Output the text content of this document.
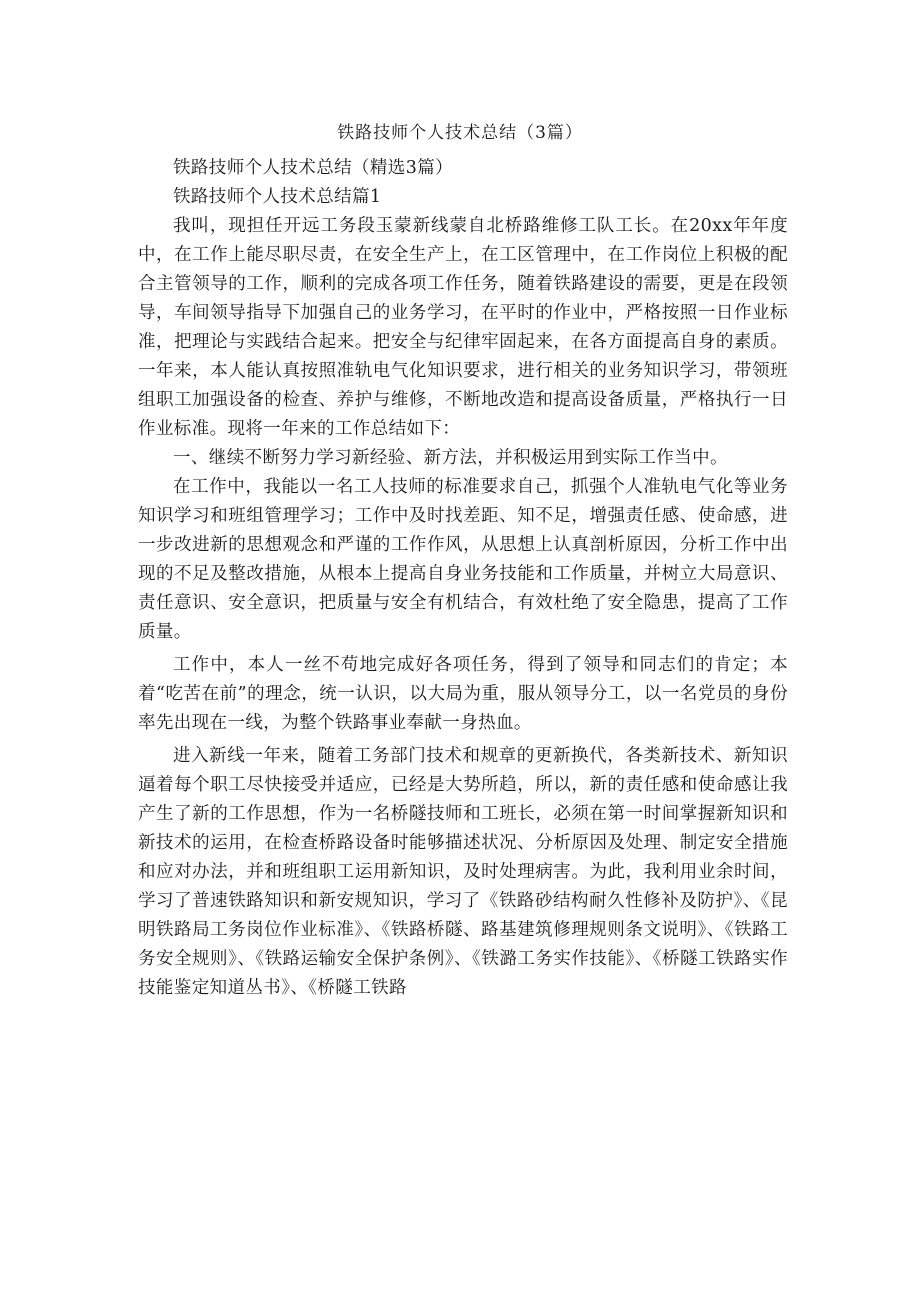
铁路技师个人技术总结（3篇）

铁路技师个人技术总结（精选3篇）

铁路技师个人技术总结篇1

我叫，现担任开远工务段玉蒙新线蒙自北桥路维修工队工长。在20xx年年度中，在工作上能尽职尽责，在安全生产上，在工区管理中，在工作岗位上积极的配合主管领导的工作，顺利的完成各项工作任务，随着铁路建设的需要，更是在段领导，车间领导指导下加强自己的业务学习，在平时的作业中，严格按照一日作业标准，把理论与实践结合起来。把安全与纪律牢固起来，在各方面提高自身的素质。一年来，本人能认真按照准轨电气化知识要求，进行相关的业务知识学习，带领班组职工加强设备的检查、养护与维修，不断地改造和提高设备质量，严格执行一日作业标准。现将一年来的工作总结如下：

一、继续不断努力学习新经验、新方法，并积极运用到实际工作当中。

在工作中，我能以一名工人技师的标准要求自己，抓强个人准轨电气化等业务知识学习和班组管理学习；工作中及时找差距、知不足，增强责任感、使命感，进一步改进新的思想观念和严谨的工作作风，从思想上认真剖析原因，分析工作中出现的不足及整改措施，从根本上提高自身业务技能和工作质量，并树立大局意识、责任意识、安全意识，把质量与安全有机结合，有效杜绝了安全隐患，提高了工作质量。

工作中，本人一丝不苟地完成好各项任务，得到了领导和同志们的肯定；本着“吃苦在前”的理念，统一认识，以大局为重，服从领导分工，以一名党员的身份率先出现在一线，为整个铁路事业奉献一身热血。

进入新线一年来，随着工务部门技术和规章的更新换代，各类新技术、新知识逼着每个职工尽快接受并适应，已经是大势所趋，所以，新的责任感和使命感让我产生了新的工作思想，作为一名桥隧技师和工班长，必须在第一时间掌握新知识和新技术的运用，在检查桥路设备时能够描述状况、分析原因及处理、制定安全措施和应对办法，并和班组职工运用新知识，及时处理病害。为此，我利用业余时间，学习了普速铁路知识和新安规知识，学习了《铁路砂结构耐久性修补及防护》、《昆明铁路局工务岗位作业标准》、《铁路桥隧、路基建筑修理规则条文说明》、《铁路工务安全规则》、《铁路运输安全保护条例》、《铁潞工务实作技能》、《桥隧工铁路实作技能鉴定知道丛书》、《桥隧工铁路
